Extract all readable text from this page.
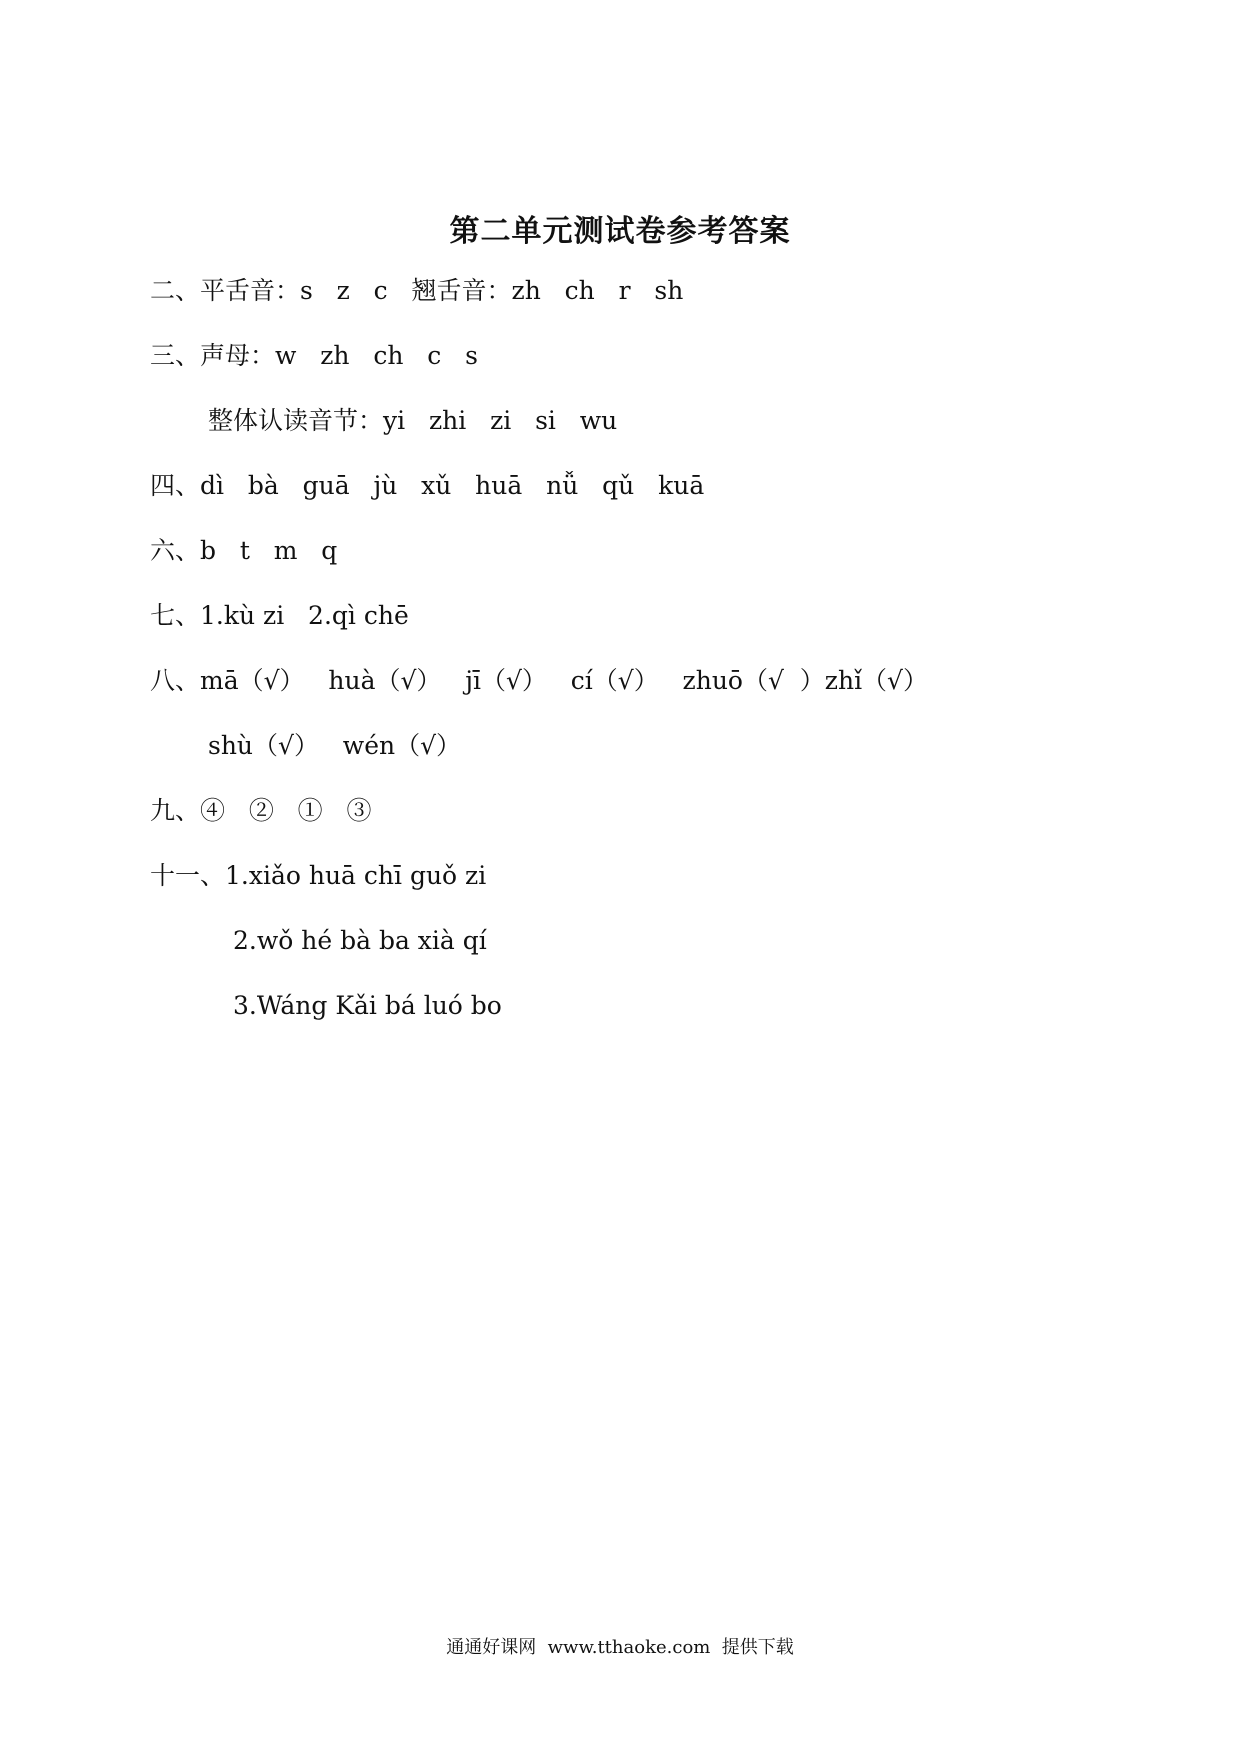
第二单元测试卷参考答案
二、平舌音：s   z   c   翘舌音：zh   ch   r   sh
三、声母：w   zh   ch   c   s
整体认读音节：yi   zhi   zi   si   wu
四、dì   bà   guā   jù   xǔ   huā   nǚ   qǔ   kuā
六、b   t   m   q
七、1.kù zi   2.qì chē
八、mā（√）   huà（√）   jī（√）   cí（√）   zhuō（√  ）zhǐ（√）
shù（√）   wén（√）
九、④   ②   ①   ③
十一、1.xiǎo huā chī guǒ zi
2.wǒ hé bà ba xià qí
3.Wáng Kǎi bá luó bo
通通好课网  www.tthaoke.com  提供下载
